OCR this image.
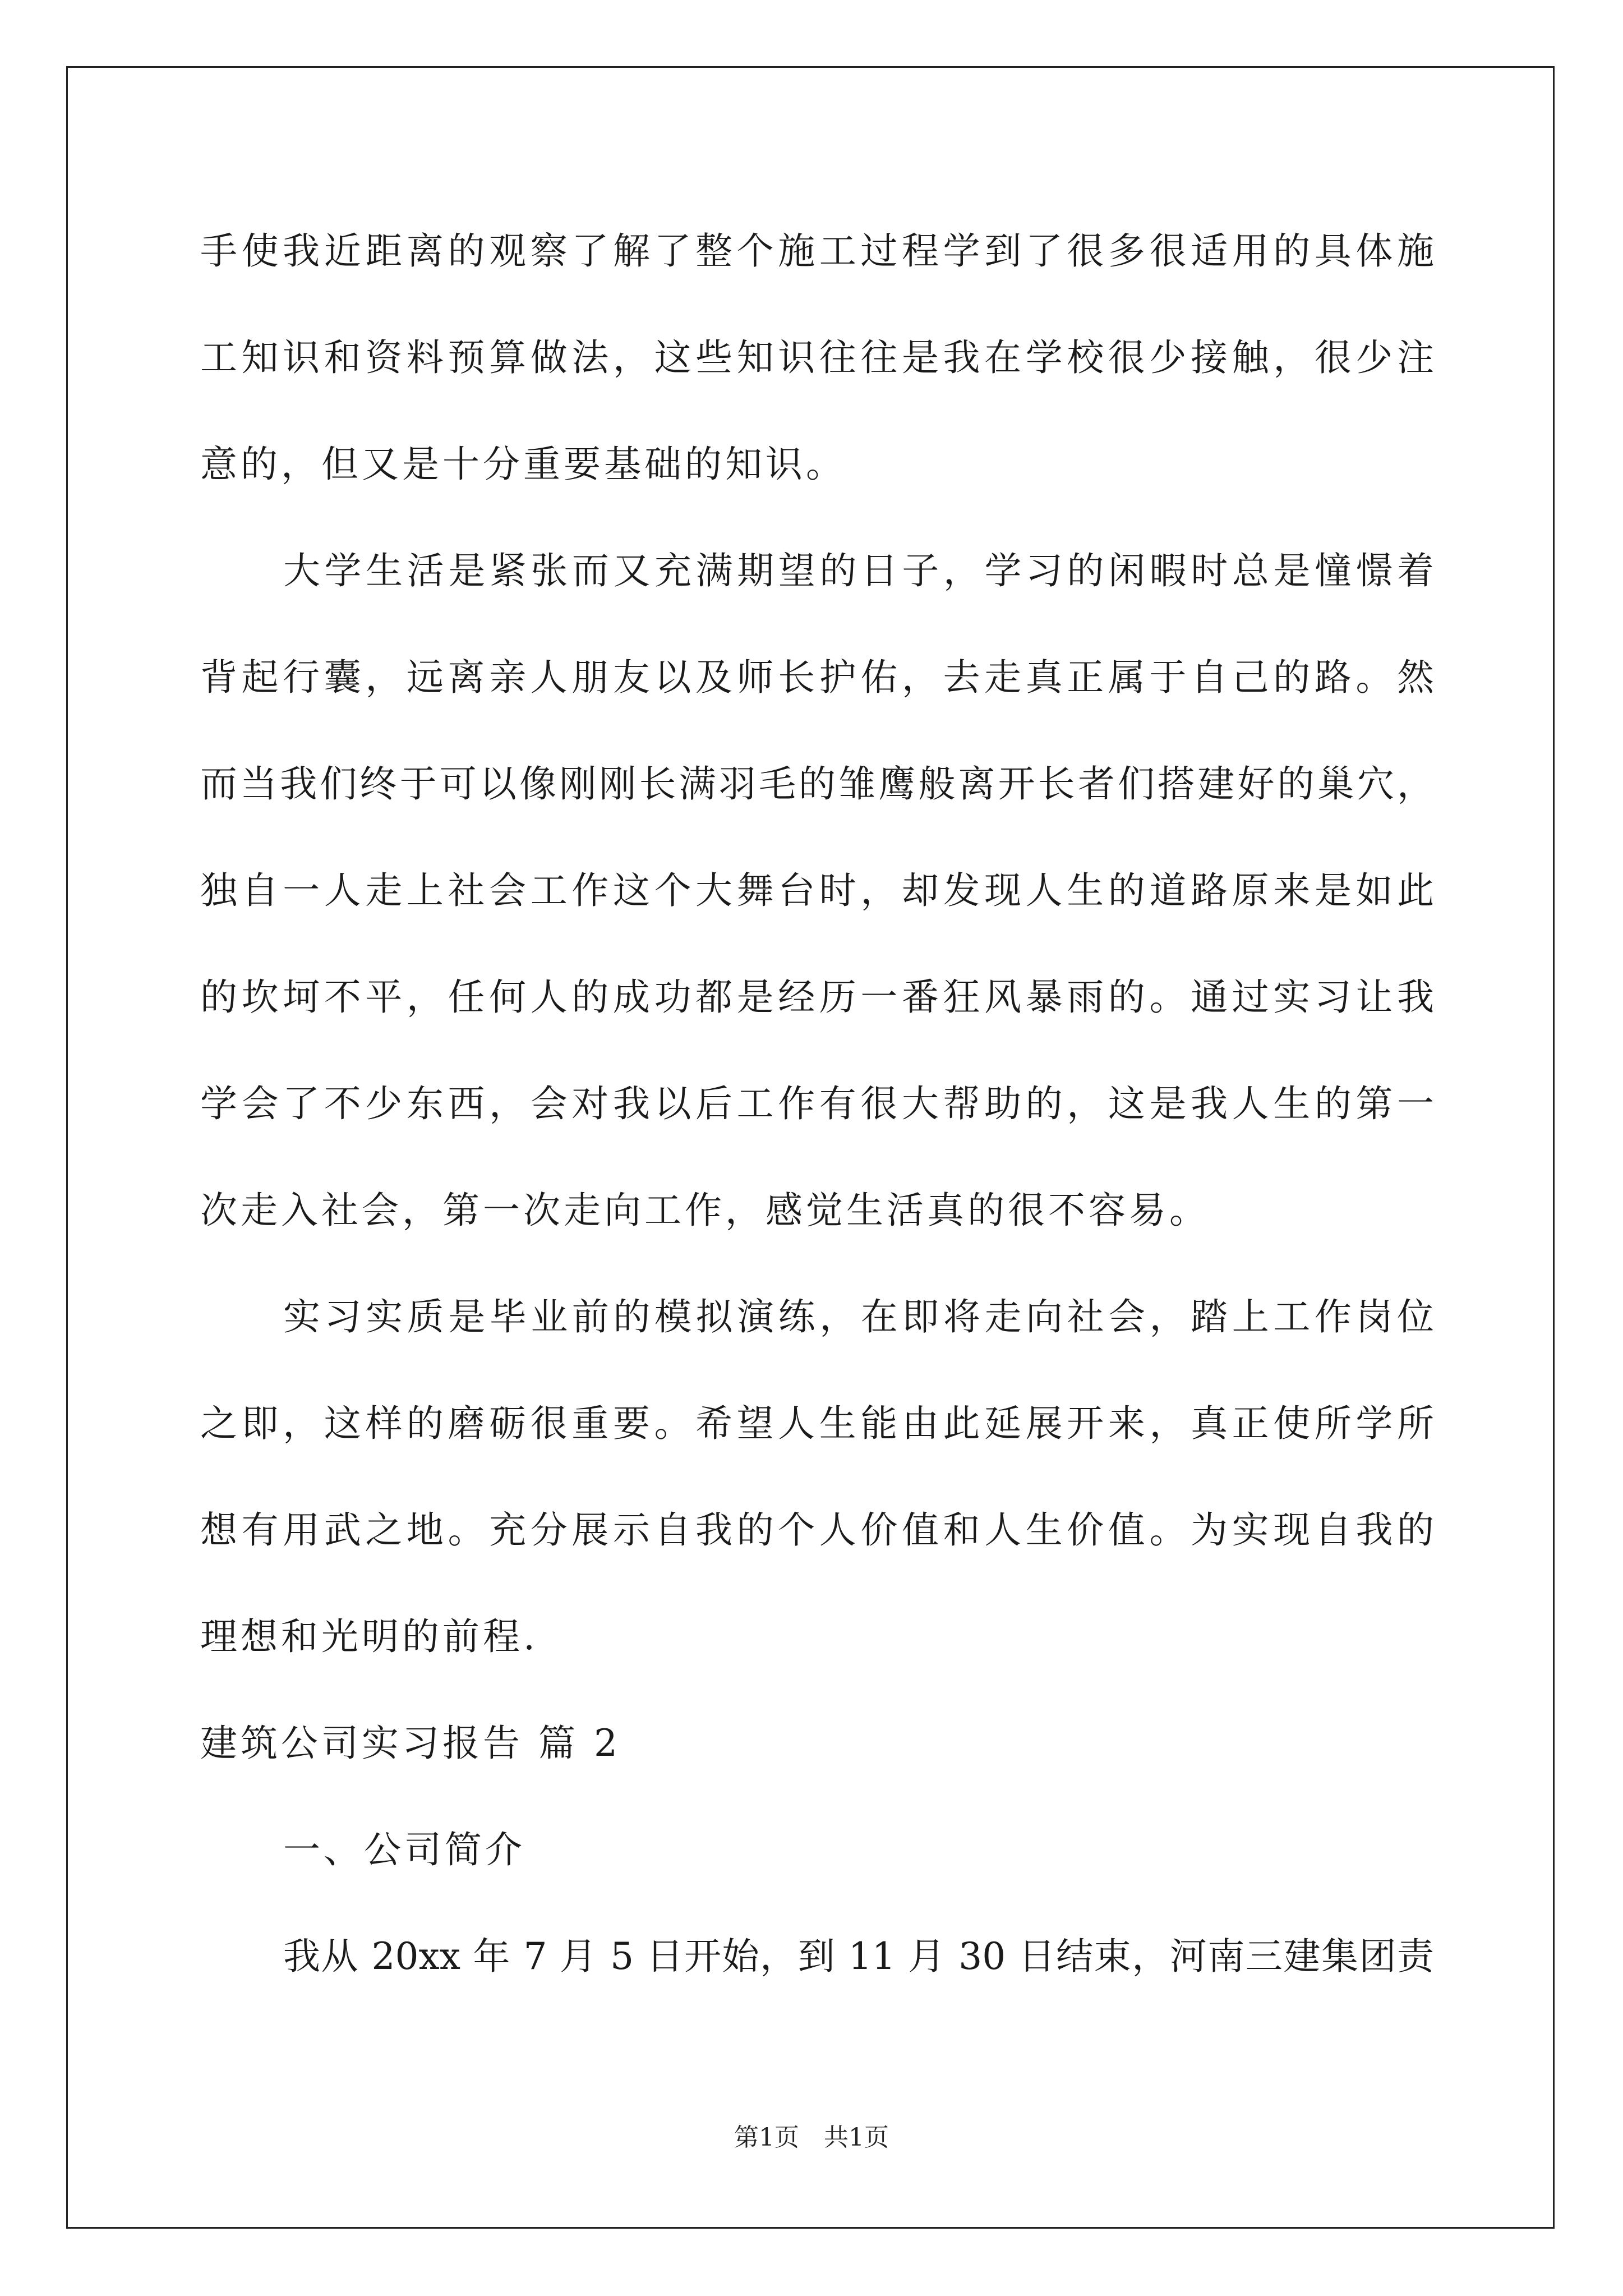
手使我近距离的观察了解了整个施工过程学到了很多很适用的具体施
工知识和资料预算做法，这些知识往往是我在学校很少接触，很少注
意的，但又是十分重要基础的知识。
大学生活是紧张而又充满期望的日子，学习的闲暇时总是憧憬着
背起行囊，远离亲人朋友以及师长护佑，去走真正属于自己的路。然
而当我们终于可以像刚刚长满羽毛的雏鹰般离开长者们搭建好的巢穴，
独自一人走上社会工作这个大舞台时，却发现人生的道路原来是如此
的坎坷不平，任何人的成功都是经历一番狂风暴雨的。通过实习让我
学会了不少东西，会对我以后工作有很大帮助的，这是我人生的第一
次走入社会，第一次走向工作，感觉生活真的很不容易。
实习实质是毕业前的模拟演练，在即将走向社会，踏上工作岗位
之即，这样的磨砺很重要。希望人生能由此延展开来，真正使所学所
想有用武之地。充分展示自我的个人价值和人生价值。为实现自我的
理想和光明的前程.
建筑公司实习报告 篇 2
一、公司简介
我从 20xx 年 7 月 5 日开始，到 11 月 30 日结束，河南三建集团责
第1页　共1页
